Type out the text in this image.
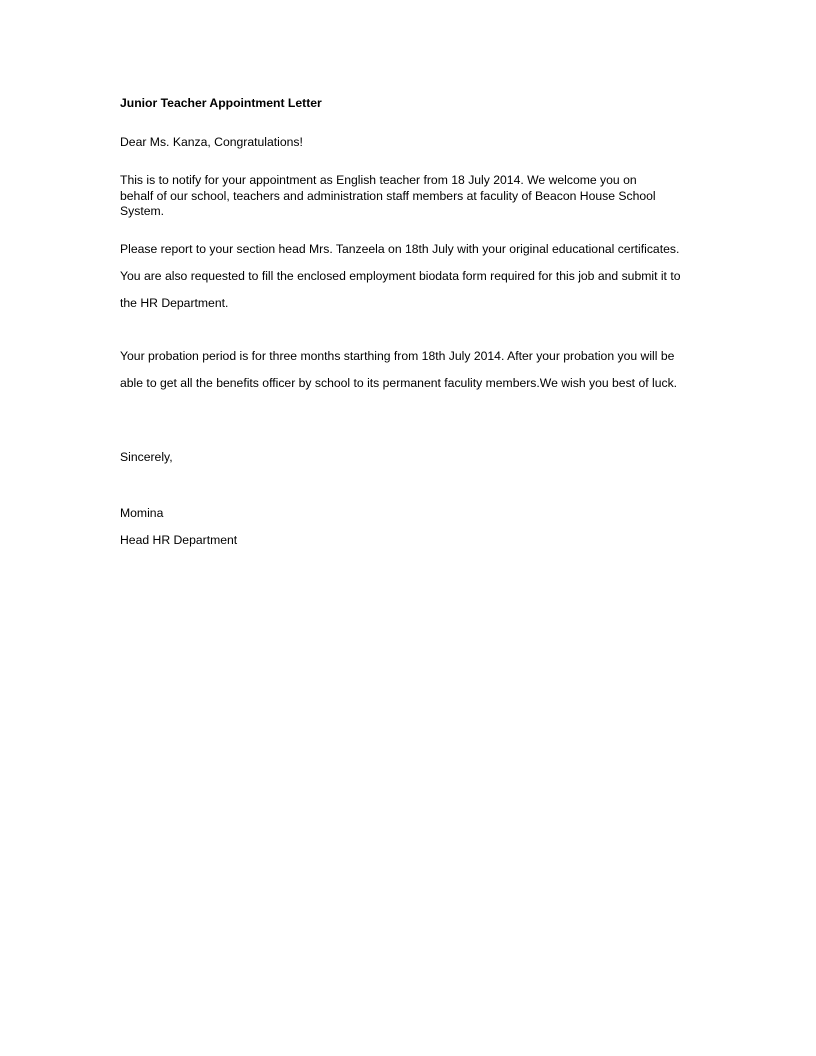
Junior Teacher Appointment Letter

Dear Ms. Kanza, Congratulations!

This is to notify for your appointment as English teacher from 18 July 2014. We welcome you on behalf of our school, teachers and administration staff members at faculity of Beacon House School System.

Please report to your section head Mrs. Tanzeela on 18th July with your original educational certificates. You are also requested to fill the enclosed employment biodata form required for this job and submit it to the HR Department.

Your probation period is for three months starthing from 18th July 2014. After your probation you will be able to get all the benefits officer by school to its permanent faculity members.We wish you best of luck.

Sincerely,

Momina
Head HR Department
